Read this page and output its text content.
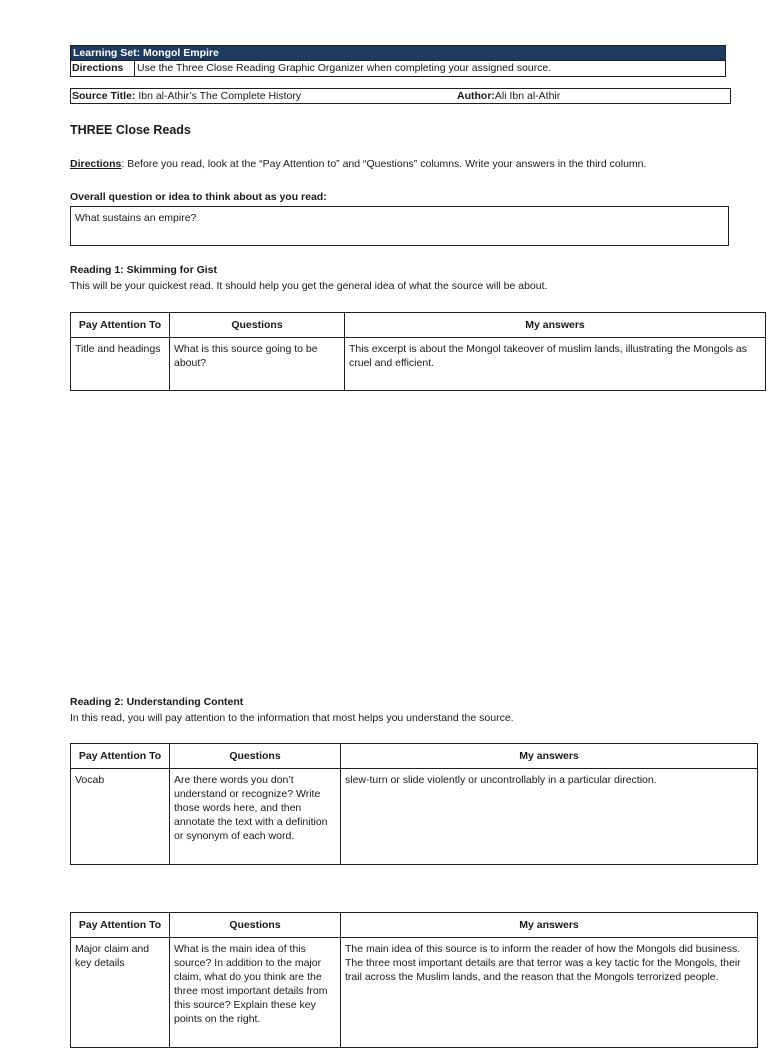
Learning Set: Mongol Empire
Directions	Use the Three Close Reading Graphic Organizer when completing your assigned source.
Source Title: Ibn al-Athir’s The Complete History	Author:Ali Ibn al-Athir
THREE Close Reads
Directions: Before you read, look at the “Pay Attention to” and “Questions” columns. Write your answers in the third column.
Overall question or idea to think about as you read:
What sustains an empire?
Reading 1: Skimming for Gist
This will be your quickest read. It should help you get the general idea of what the source will be about.
Pay Attention To	Questions	My answers
Title and headings	What is this source going to be about?	This excerpt is about the Mongol takeover of muslim lands, illustrating the Mongols as cruel and efficient.
Reading 2: Understanding Content
In this read, you will pay attention to the information that most helps you understand the source.
Pay Attention To	Questions	My answers
Vocab	Are there words you don’t understand or recognize? Write those words here, and then annotate the text with a definition or synonym of each word.	slew-turn or slide violently or uncontrollably in a particular direction.
Pay Attention To	Questions	My answers
Major claim and key details	What is the main idea of this source? In addition to the major claim, what do you think are the three most important details from this source? Explain these key points on the right.	The main idea of this source is to inform the reader of how the Mongols did business. The three most important details are that terror was a key tactic for the Mongols, their trail across the Muslim lands, and the reason that the Mongols terrorized people.
